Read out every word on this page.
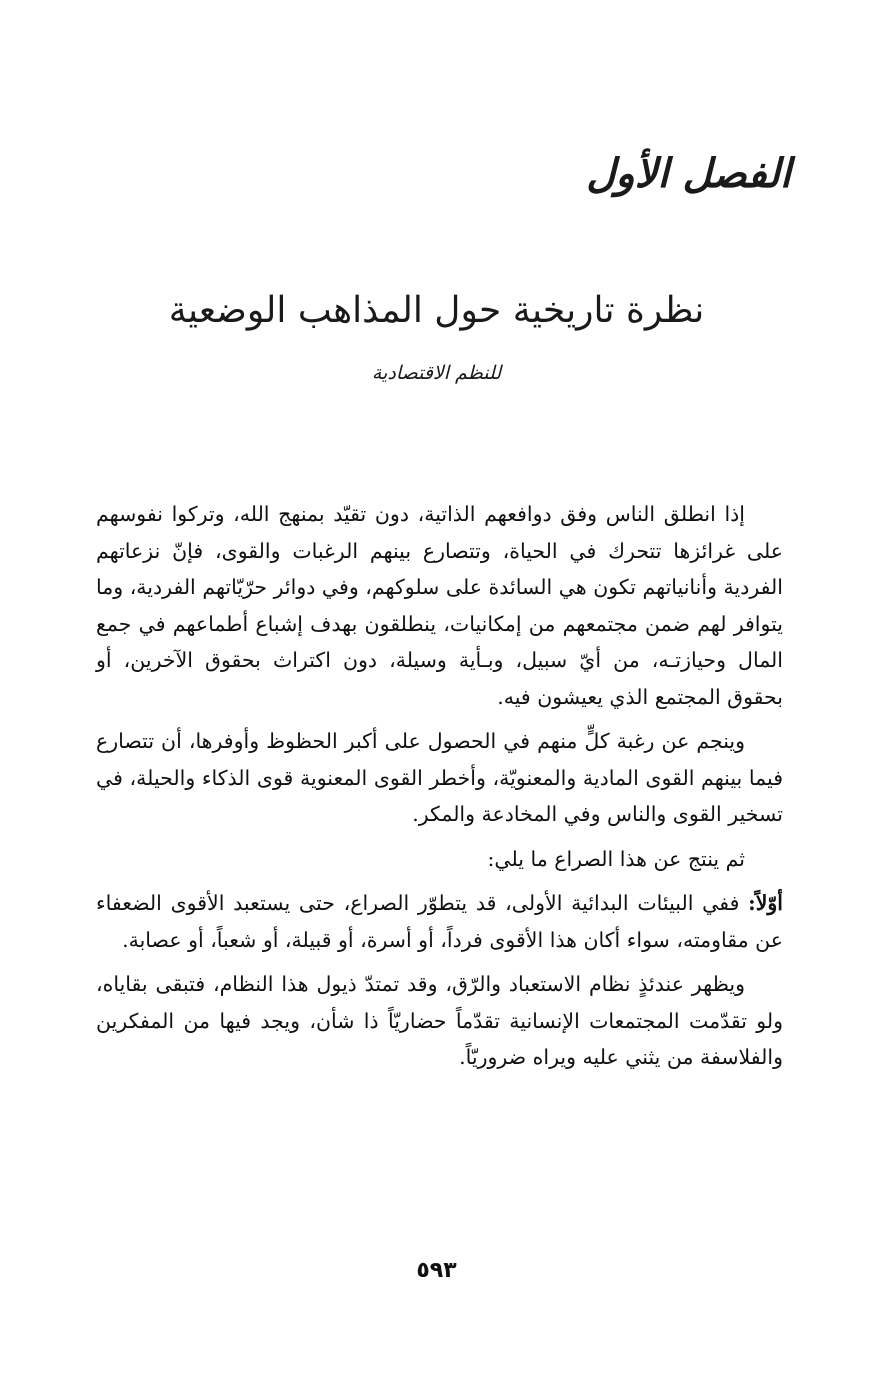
الفصل الأول
نظرة تاريخية حول المذاهب الوضعية
للنظم الاقتصادية

إذا انطلق الناس وفق دوافعهم الذاتية، دون تقيّد بمنهج الله، وتركوا نفوسهم على غرائزها تتحرك في الحياة، وتتصارع بينهم الرغبات والقوى، فإنّ نزعاتهم الفردية وأنانياتهم تكون هي السائدة على سلوكهم، وفي دوائر حرّيّاتهم الفردية، وما يتوافر لهم ضمن مجتمعهم من إمكانيات، ينطلقون بهدف إشباع أطماعهم في جمع المال وحيازتـه، من أيّ سبيل، وبـأية وسيلة، دون اكتراث بحقوق الآخرين، أو بحقوق المجتمع الذي يعيشون فيه.

وينجم عن رغبة كلٍّ منهم في الحصول على أكبر الحظوظ وأوفرها، أن تتصارع فيما بينهم القوى المادية والمعنويّة، وأخطر القوى المعنوية قوى الذكاء والحيلة، في تسخير القوى والناس وفي المخادعة والمكر.

ثم ينتج عن هذا الصراع ما يلي:

أوّلاً: ففي البيئات البدائية الأولى، قد يتطوّر الصراع، حتى يستعبد الأقوى الضعفاء عن مقاومته، سواء أكان هذا الأقوى فرداً، أو أسرة، أو قبيلة، أو شعباً، أو عصابة.

ويظهر عندئذٍ نظام الاستعباد والرّق، وقد تمتدّ ذيول هذا النظام، فتبقى بقاياه، ولو تقدّمت المجتمعات الإنسانية تقدّماً حضاريّاً ذا شأن، ويجد فيها من المفكرين والفلاسفة من يثني عليه ويراه ضروريّاً.

٥٩٣
